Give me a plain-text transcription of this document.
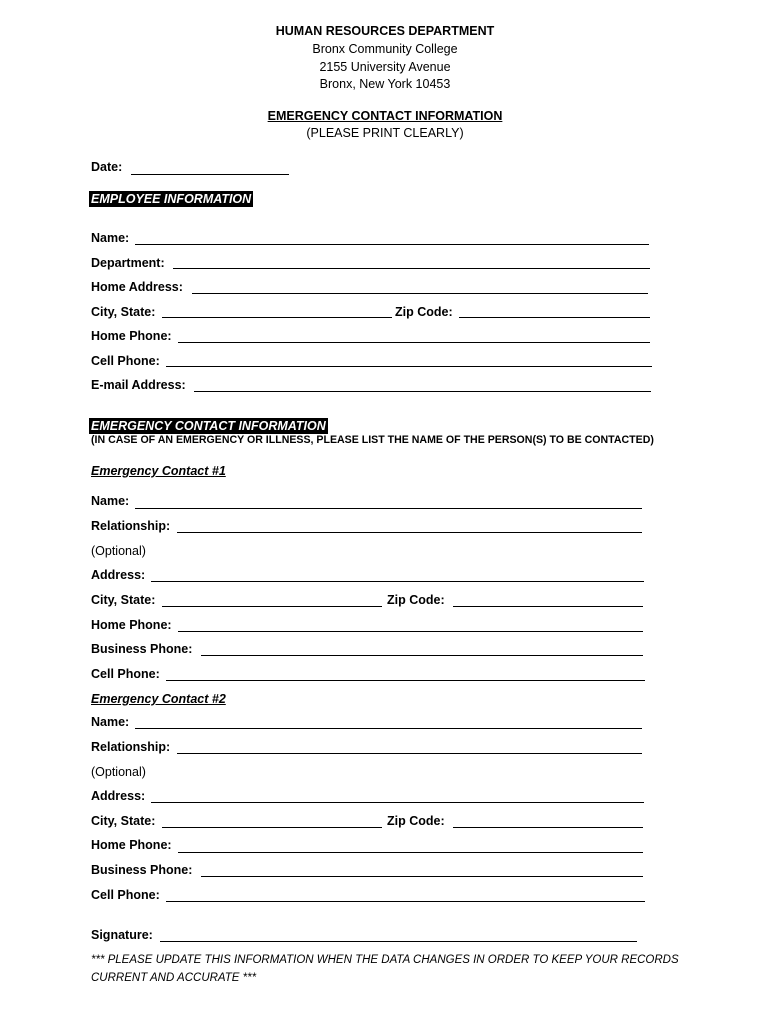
HUMAN RESOURCES DEPARTMENT
Bronx Community College
2155 University Avenue
Bronx, New York 10453
EMERGENCY CONTACT INFORMATION
(PLEASE PRINT CLEARLY)
Date:
EMPLOYEE INFORMATION
Name:
Department:
Home Address:
City, State:	Zip Code:
Home Phone:
Cell Phone:
E-mail Address:
EMERGENCY CONTACT INFORMATION
(IN CASE OF AN EMERGENCY OR ILLNESS, PLEASE LIST THE NAME OF THE PERSON(S) TO BE CONTACTED)
Emergency Contact #1
Name:
Relationship:
(Optional)
Address:
City, State:	Zip Code:
Home Phone:
Business Phone:
Cell Phone:
Emergency Contact #2
Name:
Relationship:
(Optional)
Address:
City, State:	Zip Code:
Home Phone:
Business Phone:
Cell Phone:
Signature:
*** PLEASE UPDATE THIS INFORMATION WHEN THE DATA CHANGES IN ORDER TO KEEP YOUR RECORDS CURRENT AND ACCURATE ***
